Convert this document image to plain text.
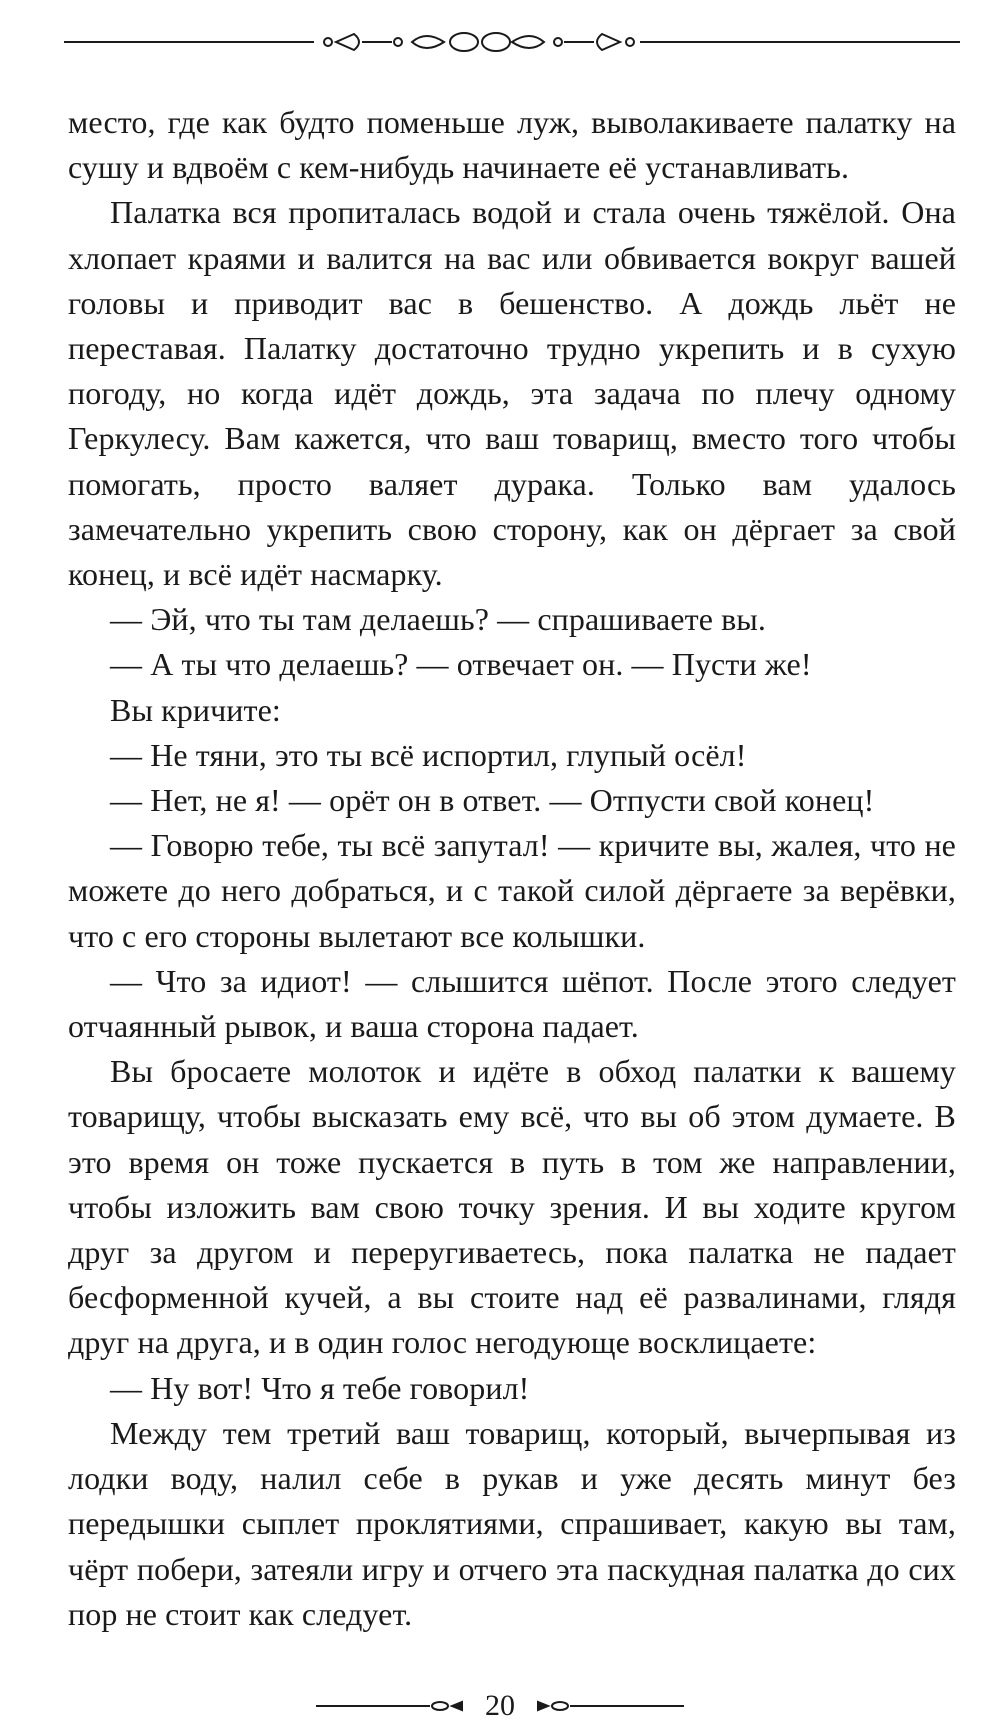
место, где как будто поменьше луж, выволакиваете палатку на сушу и вдвоём с кем-нибудь начинаете её устанавливать.

Палатка вся пропиталась водой и стала очень тяжёлой. Она хлопает краями и валится на вас или обвивается вокруг вашей головы и приводит вас в бешенство. А дождь льёт не переставая. Палатку достаточно трудно укрепить и в сухую погоду, но когда идёт дождь, эта задача по плечу одному Геркулесу. Вам кажется, что ваш товарищ, вместо того чтобы помогать, просто валяет дурака. Только вам удалось замечательно укрепить свою сторону, как он дёргает за свой конец, и всё идёт насмарку.

— Эй, что ты там делаешь? — спрашиваете вы.

— А ты что делаешь? — отвечает он. — Пусти же!

Вы кричите:

— Не тяни, это ты всё испортил, глупый осёл!

— Нет, не я! — орёт он в ответ. — Отпусти свой конец!

— Говорю тебе, ты всё запутал! — кричите вы, жалея, что не можете до него добраться, и с такой силой дёргаете за верёвки, что с его стороны вылетают все колышки.

— Что за идиот! — слышится шёпот. После этого следует отчаянный рывок, и ваша сторона падает.

Вы бросаете молоток и идёте в обход палатки к вашему товарищу, чтобы высказать ему всё, что вы об этом думаете. В это время он тоже пускается в путь в том же направлении, чтобы изложить вам свою точку зрения. И вы ходите кругом друг за другом и переругиваетесь, пока палатка не падает бесформенной кучей, а вы стоите над её развалинами, глядя друг на друга, и в один голос негодующе восклицаете:

— Ну вот! Что я тебе говорил!

Между тем третий ваш товарищ, который, вычерпывая из лодки воду, налил себе в рукав и уже десять минут без передышки сыплет проклятиями, спрашивает, какую вы там, чёрт побери, затеяли игру и отчего эта паскудная палатка до сих пор не стоит как следует.

20
